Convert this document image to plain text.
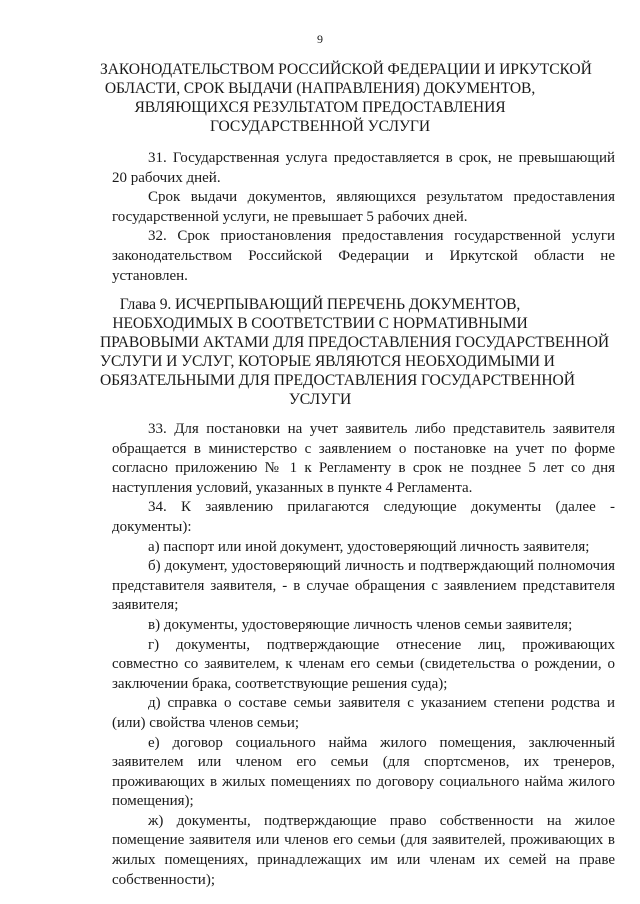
9
ЗАКОНОДАТЕЛЬСТВОМ РОССИЙСКОЙ ФЕДЕРАЦИИ И ИРКУТСКОЙ
ОБЛАСТИ, СРОК ВЫДАЧИ (НАПРАВЛЕНИЯ) ДОКУМЕНТОВ,
ЯВЛЯЮЩИХСЯ РЕЗУЛЬТАТОМ ПРЕДОСТАВЛЕНИЯ
ГОСУДАРСТВЕННОЙ УСЛУГИ

31. Государственная услуга предоставляется в срок, не превышающий 20 рабочих дней.

Срок выдачи документов, являющихся результатом предоставления государственной услуги, не превышает 5 рабочих дней.

32. Срок приостановления предоставления государственной услуги законодательством Российской Федерации и Иркутской области не установлен.

Глава 9. ИСЧЕРПЫВАЮЩИЙ ПЕРЕЧЕНЬ ДОКУМЕНТОВ,
НЕОБХОДИМЫХ В СООТВЕТСТВИИ С НОРМАТИВНЫМИ
ПРАВОВЫМИ АКТАМИ ДЛЯ ПРЕДОСТАВЛЕНИЯ ГОСУДАРСТВЕННОЙ
УСЛУГИ И УСЛУГ, КОТОРЫЕ ЯВЛЯЮТСЯ НЕОБХОДИМЫМИ И
ОБЯЗАТЕЛЬНЫМИ ДЛЯ ПРЕДОСТАВЛЕНИЯ ГОСУДАРСТВЕННОЙ
УСЛУГИ

33. Для постановки на учет заявитель либо представитель заявителя обращается в министерство с заявлением о постановке на учет по форме согласно приложению № 1 к Регламенту в срок не позднее 5 лет со дня наступления условий, указанных в пункте 4 Регламента.

34. К заявлению прилагаются следующие документы (далее - документы):

а) паспорт или иной документ, удостоверяющий личность заявителя;

б) документ, удостоверяющий личность и подтверждающий полномочия представителя заявителя, - в случае обращения с заявлением представителя заявителя;

в) документы, удостоверяющие личность членов семьи заявителя;

г) документы, подтверждающие отнесение лиц, проживающих совместно со заявителем, к членам его семьи (свидетельства о рождении, о заключении брака, соответствующие решения суда);

д) справка о составе семьи заявителя с указанием степени родства и (или) свойства членов семьи;

е) договор социального найма жилого помещения, заключенный заявителем или членом его семьи (для спортсменов, их тренеров, проживающих в жилых помещениях по договору социального найма жилого помещения);

ж) документы, подтверждающие право собственности на жилое помещение заявителя или членов его семьи (для заявителей, проживающих в жилых помещениях, принадлежащих им или членам их семей на праве собственности);
